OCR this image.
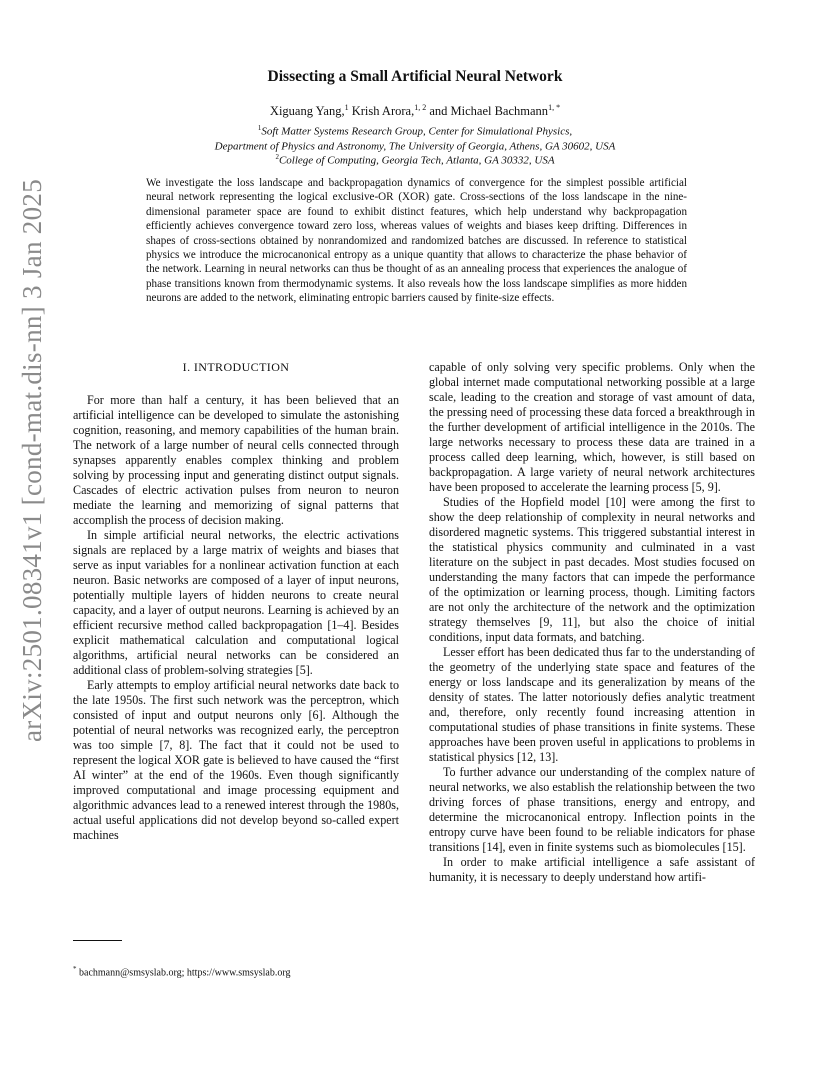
arXiv:2501.08341v1 [cond-mat.dis-nn] 3 Jan 2025
Dissecting a Small Artificial Neural Network
Xiguang Yang,$^1$ Krish Arora,$^{1, 2}$ and Michael Bachmann$^{1, *}$
$^1$Soft Matter Systems Research Group, Center for Simulational Physics,
Department of Physics and Astronomy, The University of Georgia, Athens, GA 30602, USA
$^2$College of Computing, Georgia Tech, Atlanta, GA 30332, USA
We investigate the loss landscape and backpropagation dynamics of convergence for the simplest possible artificial neural network representing the logical exclusive-OR (XOR) gate. Cross-sections of the loss landscape in the nine-dimensional parameter space are found to exhibit distinct features, which help understand why backpropagation efficiently achieves convergence toward zero loss, whereas values of weights and biases keep drifting. Differences in shapes of cross-sections obtained by nonrandomized and randomized batches are discussed. In reference to statistical physics we introduce the microcanonical entropy as a unique quantity that allows to characterize the phase behavior of the network. Learning in neural networks can thus be thought of as an annealing process that experiences the analogue of phase transitions known from thermodynamic systems. It also reveals how the loss landscape simplifies as more hidden neurons are added to the network, eliminating entropic barriers caused by finite-size effects.
I. INTRODUCTION

For more than half a century, it has been believed that an artificial intelligence can be developed to simulate the astonishing cognition, reasoning, and memory capabilities of the human brain. The network of a large number of neural cells connected through synapses apparently enables complex thinking and problem solving by processing input and generating distinct output signals. Cascades of electric activation pulses from neuron to neuron mediate the learning and memorizing of signal patterns that accomplish the process of decision making.

In simple artificial neural networks, the electric activations signals are replaced by a large matrix of weights and biases that serve as input variables for a nonlinear activation function at each neuron. Basic networks are composed of a layer of input neurons, potentially multiple layers of hidden neurons to create neural capacity, and a layer of output neurons. Learning is achieved by an efficient recursive method called backpropagation [1–4]. Besides explicit mathematical calculation and computational logical algorithms, artificial neural networks can be considered an additional class of problem-solving strategies [5].

Early attempts to employ artificial neural networks date back to the late 1950s. The first such network was the perceptron, which consisted of input and output neurons only [6]. Although the potential of neural networks was recognized early, the perceptron was too simple [7, 8]. The fact that it could not be used to represent the logical XOR gate is believed to have caused the “first AI winter” at the end of the 1960s. Even though significantly improved computational and image processing equipment and algorithmic advances lead to a renewed interest through the 1980s, actual useful applications did not develop beyond so-called expert machines

capable of only solving very specific problems. Only when the global internet made computational networking possible at a large scale, leading to the creation and storage of vast amount of data, the pressing need of processing these data forced a breakthrough in the further development of artificial intelligence in the 2010s. The large networks necessary to process these data are trained in a process called deep learning, which, however, is still based on backpropagation. A large variety of neural network architectures have been proposed to accelerate the learning process [5, 9].

Studies of the Hopfield model [10] were among the first to show the deep relationship of complexity in neural networks and disordered magnetic systems. This triggered substantial interest in the statistical physics community and culminated in a vast literature on the subject in past decades. Most studies focused on understanding the many factors that can impede the performance of the optimization or learning process, though. Limiting factors are not only the architecture of the network and the optimization strategy themselves [9, 11], but also the choice of initial conditions, input data formats, and batching.

Lesser effort has been dedicated thus far to the understanding of the geometry of the underlying state space and features of the energy or loss landscape and its generalization by means of the density of states. The latter notoriously defies analytic treatment and, therefore, only recently found increasing attention in computational studies of phase transitions in finite systems. These approaches have been proven useful in applications to problems in statistical physics [12, 13].

To further advance our understanding of the complex nature of neural networks, we also establish the relationship between the two driving forces of phase transitions, energy and entropy, and determine the microcanonical entropy. Inflection points in the entropy curve have been found to be reliable indicators for phase transitions [14], even in finite systems such as biomolecules [15].

In order to make artificial intelligence a safe assistant of humanity, it is necessary to deeply understand how artifi-

* bachmann@smsyslab.org; https://www.smsyslab.org
